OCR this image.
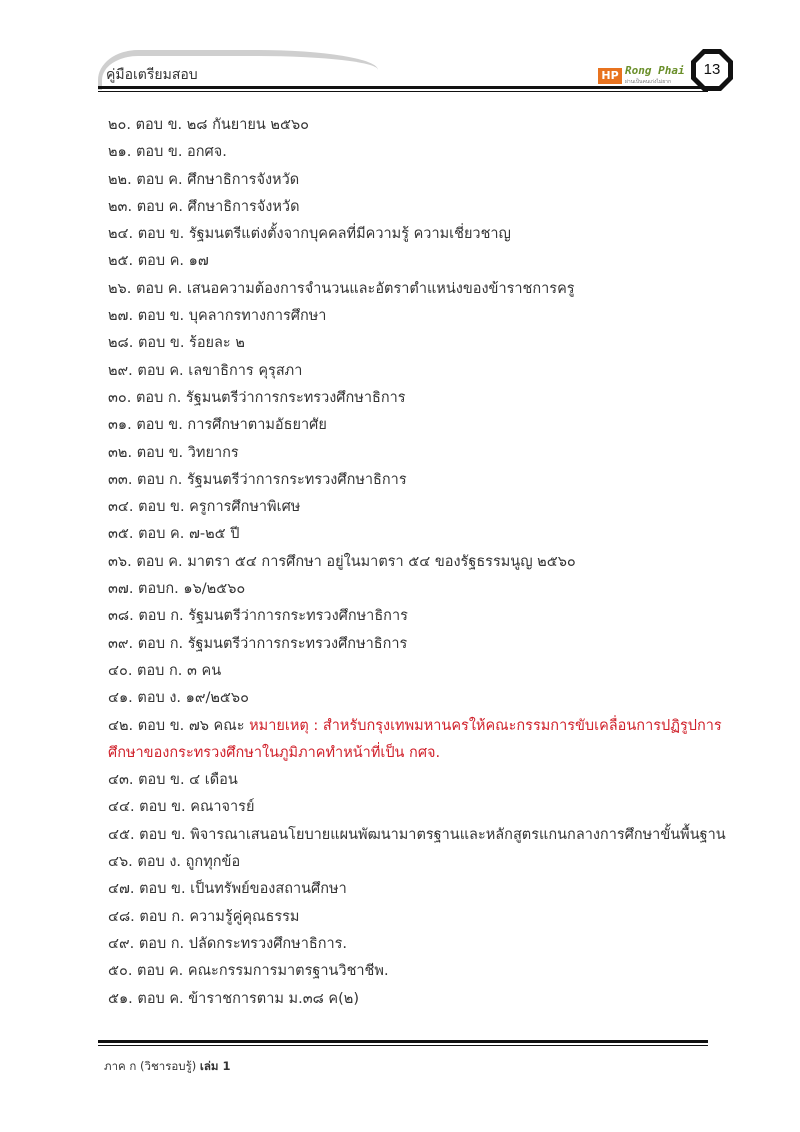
คู่มือเตรียมสอบ	HP Rong Phai
ผ่านเป็นคนเก่งไม่ยาก
13
๒๐. ตอบ ข. ๒๘ กันยายน ๒๕๖๐
๒๑. ตอบ ข. อกศจ.
๒๒. ตอบ ค. ศึกษาธิการจังหวัด
๒๓. ตอบ ค. ศึกษาธิการจังหวัด
๒๔. ตอบ ข. รัฐมนตรีแต่งตั้งจากบุคคลที่มีความรู้ ความเชี่ยวชาญ
๒๕. ตอบ ค. ๑๗
๒๖. ตอบ ค. เสนอความต้องการจำนวนและอัตราตำแหน่งของข้าราชการครู
๒๗. ตอบ ข. บุคลากรทางการศึกษา
๒๘. ตอบ ข. ร้อยละ ๒
๒๙. ตอบ ค. เลขาธิการ คุรุสภา
๓๐. ตอบ ก. รัฐมนตรีว่าการกระทรวงศึกษาธิการ
๓๑. ตอบ ข. การศึกษาตามอัธยาศัย
๓๒. ตอบ ข. วิทยากร
๓๓. ตอบ ก. รัฐมนตรีว่าการกระทรวงศึกษาธิการ
๓๔. ตอบ ข. ครูการศึกษาพิเศษ
๓๕. ตอบ ค. ๗-๒๕ ปี
๓๖. ตอบ ค. มาตรา ๕๔ การศึกษา อยู่ในมาตรา ๕๔ ของรัฐธรรมนูญ ๒๕๖๐
๓๗. ตอบก. ๑๖/๒๕๖๐
๓๘. ตอบ ก. รัฐมนตรีว่าการกระทรวงศึกษาธิการ
๓๙. ตอบ ก. รัฐมนตรีว่าการกระทรวงศึกษาธิการ
๔๐. ตอบ ก. ๓ คน
๔๑. ตอบ ง. ๑๙/๒๕๖๐
๔๒. ตอบ ข. ๗๖ คณะ หมายเหตุ : สำหรับกรุงเทพมหานครให้คณะกรรมการขับเคลื่อนการปฏิรูปการศึกษาของกระทรวงศึกษาในภูมิภาคทำหน้าที่เป็น กศจ.
๔๓. ตอบ ข. ๔ เดือน
๔๔. ตอบ ข. คณาจารย์
๔๕. ตอบ ข. พิจารณาเสนอนโยบายแผนพัฒนามาตรฐานและหลักสูตรแกนกลางการศึกษาขั้นพื้นฐาน
๔๖. ตอบ ง. ถูกทุกข้อ
๔๗. ตอบ ข. เป็นทรัพย์ของสถานศึกษา
๔๘. ตอบ ก. ความรู้คู่คุณธรรม
๔๙. ตอบ ก. ปลัดกระทรวงศึกษาธิการ.
๕๐. ตอบ ค. คณะกรรมการมาตรฐานวิชาชีพ.
๕๑. ตอบ ค. ข้าราชการตาม ม.๓๘ ค(๒)
ภาค ก (วิชารอบรู้) เล่ม 1
